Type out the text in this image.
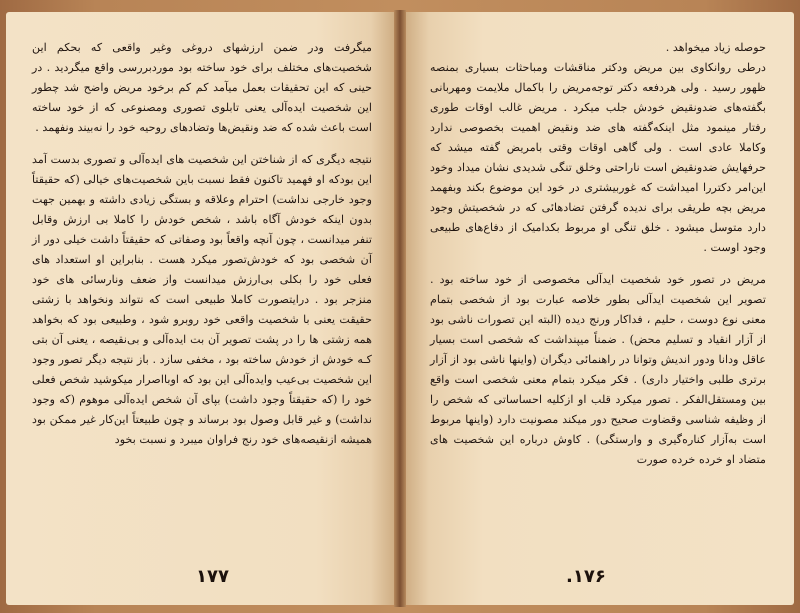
میگرفت ودر ضمن ارزشهای دروغی وغیر واقعی که بحکم این شخصیت‌های مختلف برای خود ساخته بود موردبررسی واقع میگردید . در حینی که این تحقیقات بعمل میآمد کم کم برخود مریض واضح شد چطور این شخصیت ایده‌آلی یعنی تابلوی تصوری ومصنوعی که از خود ساخته است باعث شده که ضد ونقیض‌ها وتضادهای روحیه خود را نه‌بیند ونفهمد .

نتیجه دیگری که از شناختن این شخصیت های ایده‌آلی و تصوری بدست آمد این بودکه او فهمید تاکنون فقط نسبت باین شخصیت‌های خیالی (که حقیقتاً وجود خارجی نداشت) احترام وعلاقه و بستگی زیادی داشته و بهمین جهت بدون اینکه خودش آگاه باشد ، شخص خودش را کاملا بی ارزش وقابل تنفر میدانست ، چون آنچه واقعاً بود وصفاتی که حقیقتاً داشت خیلی دور از آن شخصی بود که خودش‌تصور میکرد هست . بنابراین او استعداد های فعلی خود را بکلی بی‌ارزش میدانست واز ضعف ونارسائی های خود منزجر بود . درایتصورت کاملا طبیعی است که نتواند ونخواهد با زشتی حقیقت یعنی با شخصیت واقعی خود روبرو شود ، وطبیعی بود که بخواهد همه زشتی ها را در پشت تصویر آن بت ایده‌آلی و بی‌نقیصه ، یعنی آن بتی کـه خودش از خودش ساخته بود ، مخفی سازد . باز نتیجه دیگر تصور وجود این شخصیت بی‌عیب وایده‌آلی این بود که اوبااصرار میکوشید شخص فعلی خود را (که حقیقتاً وجود داشت) بپای آن شخص ایده‌آلی موهوم (که وجود نداشت) و غیر قابل وصول بود برساند و چون طبیعتاً این‌کار غیر ممکن بود همیشه ازنقیصه‌های خود رنج فراوان میبرد و نسبت بخود

۱۷۷

حوصله زیاد میخواهد .

درطی روانکاوی بین مریض ودکتر مناقشات ومباحثات بسیاری بمنصه ظهور رسید . ولی هردفعه دکتر توجه‌مریض را باکمال ملایمت ومهربانی بگفته‌های ضدونقیض خودش جلب میکرد . مریض غالب اوقات طوری رفتار مینمود مثل اینکه‌گفته های ضد ونقیض اهمیت بخصوصی ندارد وکاملا عادی است . ولی گاهی اوقات وقتی بامریض گفته میشد که حرفهایش ضدونقیض است ناراحتی وخلق تنگی شدیدی نشان میداد وخود این‌امر دکتررا امیداشت که غوربیشتری در خود این موضوع بکند وبفهمد مریض بچه طریقی برای ندیده گرفتن تضادهائی که در شخصیتش وجود دارد متوسل میشود . خلق تنگی او مربوط بکدامیک از دفاع‌های طبیعی وجود اوست .

مریض در تصور خود شخصیت ایدآلی مخصوصی از خود ساخته بود . تصویر این شخصیت ایدآلی بطور خلاصه عبارت بود از شخصی بتمام معنی نوع دوست ، حلیم ، فداکار ورنج دیده (البته این تصورات ناشی بود از آزار انقیاد و تسلیم محض) . ضمناً میپنداشت که شخصی است بسیار عاقل ودانا ودور اندیش وتوانا در راهنمائی دیگران (واینها ناشی بود از آزار برتری طلبی واختیار داری) . فکر میکرد بتمام معنی شخصی است واقع بین ومستقل‌الفکر . تصور میکرد قلب او ازکلیه احساساتی که شخص را از وظیفه شناسی وقضاوت صحیح دور میکند مصونیت دارد (واینها مربوط است به‌آزار کناره‌گیری و وارستگی) . کاوش درباره این شخصیت های متضاد او خرده خرده صورت

۱۷۶.
